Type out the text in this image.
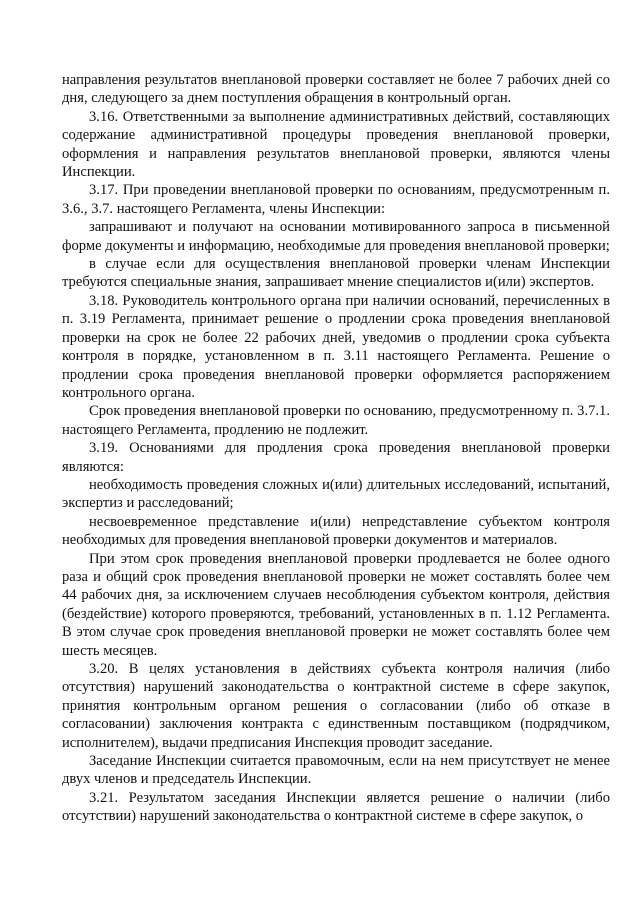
направления результатов внеплановой проверки составляет не более 7 рабочих дней со дня, следующего за днем поступления обращения в контрольный орган.

3.16. Ответственными за выполнение административных действий, составляющих содержание административной процедуры проведения внеплановой проверки, оформления и направления результатов внеплановой проверки, являются члены Инспекции.

3.17. При проведении внеплановой проверки по основаниям, предусмотренным п. 3.6., 3.7. настоящего Регламента, члены Инспекции:

запрашивают и получают на основании мотивированного запроса в письменной форме документы и информацию, необходимые для проведения внеплановой проверки;

в случае если для осуществления внеплановой проверки членам Инспекции требуются специальные знания, запрашивает мнение специалистов и(или) экспертов.

3.18. Руководитель контрольного органа при наличии оснований, перечисленных в п. 3.19 Регламента, принимает решение о продлении срока проведения внеплановой проверки на срок не более 22 рабочих дней, уведомив о продлении срока субъекта контроля в порядке, установленном в п. 3.11 настоящего Регламента. Решение о продлении срока проведения внеплановой проверки оформляется распоряжением контрольного органа.

Срок проведения внеплановой проверки по основанию, предусмотренному п. 3.7.1. настоящего Регламента, продлению не подлежит.

3.19. Основаниями для продления срока проведения внеплановой проверки являются:

необходимость проведения сложных и(или) длительных исследований, испытаний, экспертиз и расследований;

несвоевременное представление и(или) непредставление субъектом контроля необходимых для проведения внеплановой проверки документов и материалов.

При этом срок проведения внеплановой проверки продлевается не более одного раза и общий срок проведения внеплановой проверки не может составлять более чем 44 рабочих дня, за исключением случаев несоблюдения субъектом контроля, действия (бездействие) которого проверяются, требований, установленных в п. 1.12 Регламента. В этом случае срок проведения внеплановой проверки не может составлять более чем шесть месяцев.

3.20. В целях установления в действиях субъекта контроля наличия (либо отсутствия) нарушений законодательства о контрактной системе в сфере закупок, принятия контрольным органом решения о согласовании (либо об отказе в согласовании) заключения контракта с единственным поставщиком (подрядчиком, исполнителем), выдачи предписания Инспекция проводит заседание.

Заседание Инспекции считается правомочным, если на нем присутствует не менее двух членов и председатель Инспекции.

3.21. Результатом заседания Инспекции является решение о наличии (либо отсутствии) нарушений законодательства о контрактной системе в сфере закупок, о
